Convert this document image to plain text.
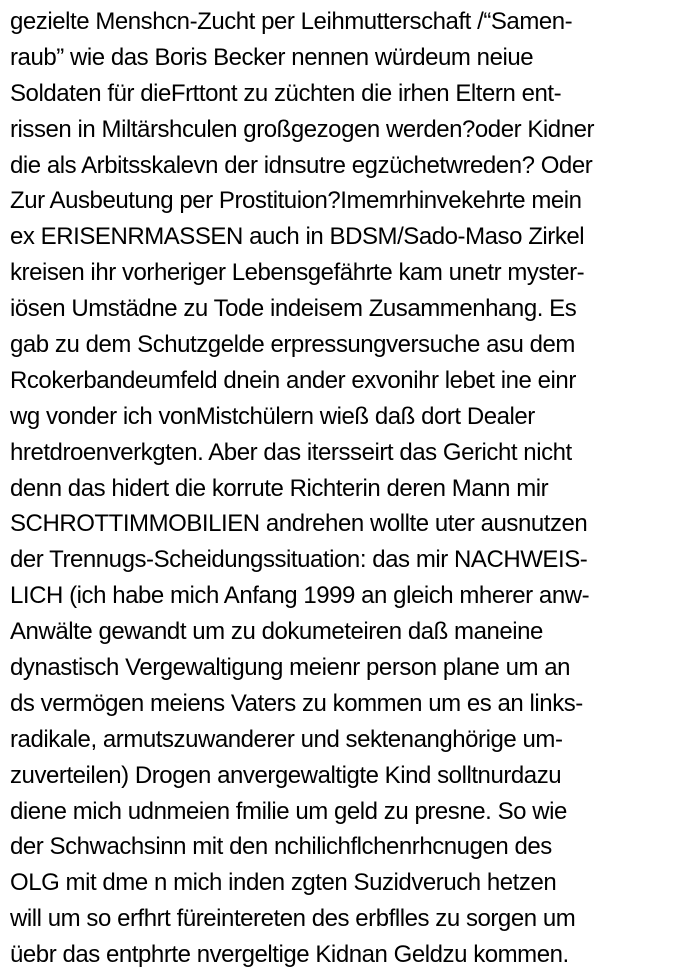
gezielte Menshcn-Zucht per Leihmutterschaft /“Samen-
raub” wie das Boris Becker nennen würdeum neiue
Soldaten für dieFrttont zu züchten die irhen Eltern ent-
rissen in Miltärshculen großgezogen werden?oder Kidner
die als Arbitsskalevn der idnsutre egzüchetwreden? Oder
Zur Ausbeutung per Prostituion?Imemrhinvekehrte mein
ex ERISENRMASSEN auch in BDSM/Sado-Maso Zirkel
kreisen ihr vorheriger Lebensgefährte kam unetr myster-
iösen Umstädne zu Tode indeisem Zusammenhang. Es
gab zu dem Schutzgelde erpressungversuche asu dem
Rcokerbandeumfeld dnein ander exvonihr lebet ine einr
wg vonder ich vonMistchülern wieß daß dort Dealer
hretdroenverkgten. Aber das itersseirt das Gericht nicht
denn das hidert die korrute Richterin deren Mann mir
SCHROTTIMMOBILIEN andrehen wollte uter ausnutzen
der Trennugs-Scheidungssituation: das mir NACHWEIS-
LICH (ich habe mich Anfang 1999 an gleich mherer anw-
Anwälte gewandt um zu dokumeteiren daß maneine
dynastisch Vergewaltigung meienr person plane um an
ds vermögen meiens Vaters zu kommen um es an links-
radikale, armutszuwanderer und sektenanghörige um-
zuverteilen) Drogen anvergewaltigte Kind solltnurdazu
diene mich udnmeien fmilie um geld zu presne. So wie
der Schwachsinn mit den nchilichflchenrhcnugen des
OLG mit dme n mich inden zgten Suzidveruch hetzen
will um so erfhrt füreintereten des erbflles zu sorgen um
üebr das entphrte nvergeltige Kidnan Geldzu kommen.
